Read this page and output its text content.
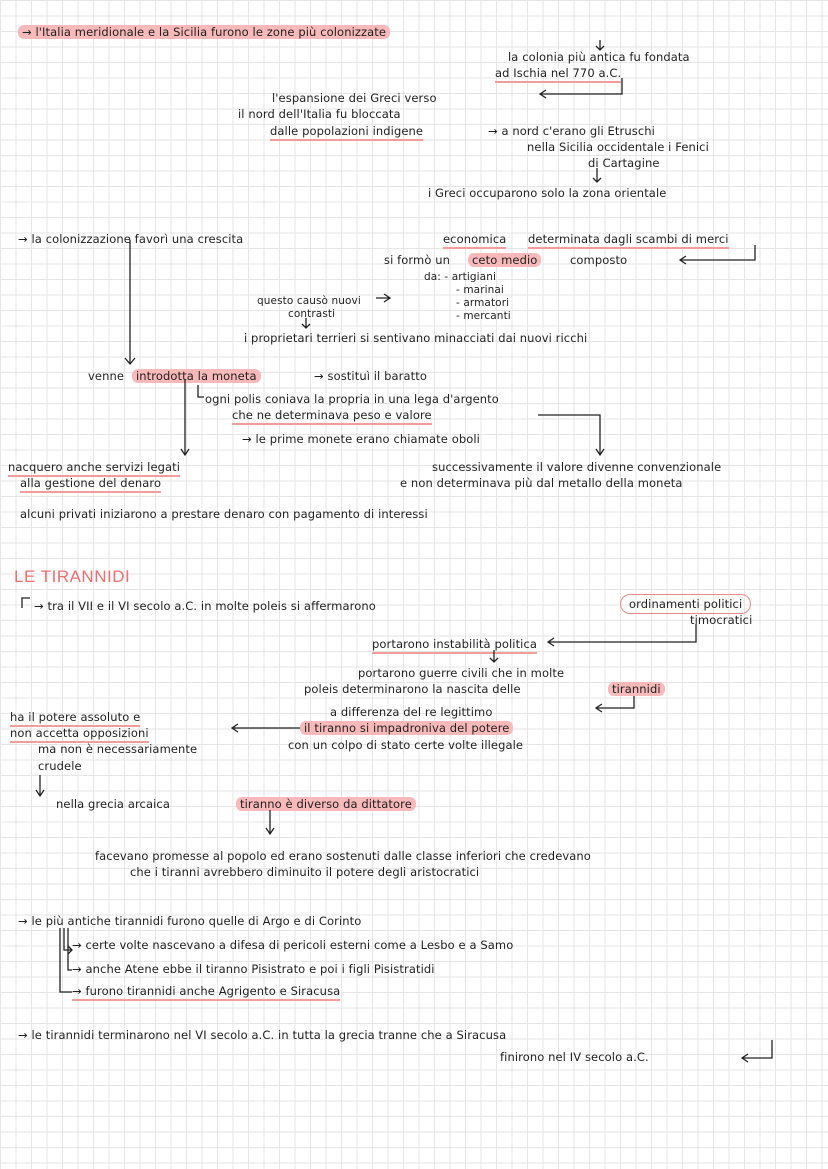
→ l'Italia meridionale e la Sicilia furono le zone più colonizzate
la colonia più antica fu fondata
ad Ischia nel 770 a.C.
l'espansione dei Greci verso
il nord dell'Italia fu bloccata
dalle popolazioni indigene	→ a nord c'erano gli Etruschi
nella Sicilia occidentale i Fenici
di Cartagine
i Greci occuparono solo la zona orientale
→ la colonizzazione favorì una crescita	economica determinata dagli scambi di merci
si formò un	ceto medio	composto
da: - artigiani
- marinai
- armatori
- mercanti
questo causò nuovi
contrasti
i proprietari terrieri si sentivano minacciati dai nuovi ricchi
venne	introdotta la moneta	→ sostituì il baratto
ogni polis coniava la propria in una lega d'argento
che ne determinava peso e valore
→ le prime monete erano chiamate oboli
nacquero anche servizi legati
alla gestione del denaro
successivamente il valore divenne convenzionale
e non determinava più dal metallo della moneta
alcuni privati iniziarono a prestare denaro con pagamento di interessi
LE TIRANNIDI
→ tra il VII e il VI secolo a.C. in molte poleis si affermarono	ordinamenti politici
timocratici
portarono instabilità politica
portarono guerre civili che in molte
poleis determinarono la nascita delle	tirannidi
a differenza del re legittimo
il tiranno si impadroniva del potere
con un colpo di stato certe volte illegale
ha il potere assoluto e
non accetta opposizioni
ma non è necessariamente
crudele
nella grecia arcaica	tiranno è diverso da dittatore
facevano promesse al popolo ed erano sostenuti dalle classe inferiori che credevano
che i tiranni avrebbero diminuito il potere degli aristocratici
→ le più antiche tirannidi furono quelle di Argo e di Corinto
→ certe volte nascevano a difesa di pericoli esterni come a Lesbo e a Samo
→ anche Atene ebbe il tiranno Pisistrato e poi i figli Pisistratidi
→ furono tirannidi anche Agrigento e Siracusa
→ le tirannidi terminarono nel VI secolo a.C. in tutta la grecia tranne che a Siracusa
finirono nel IV secolo a.C.
